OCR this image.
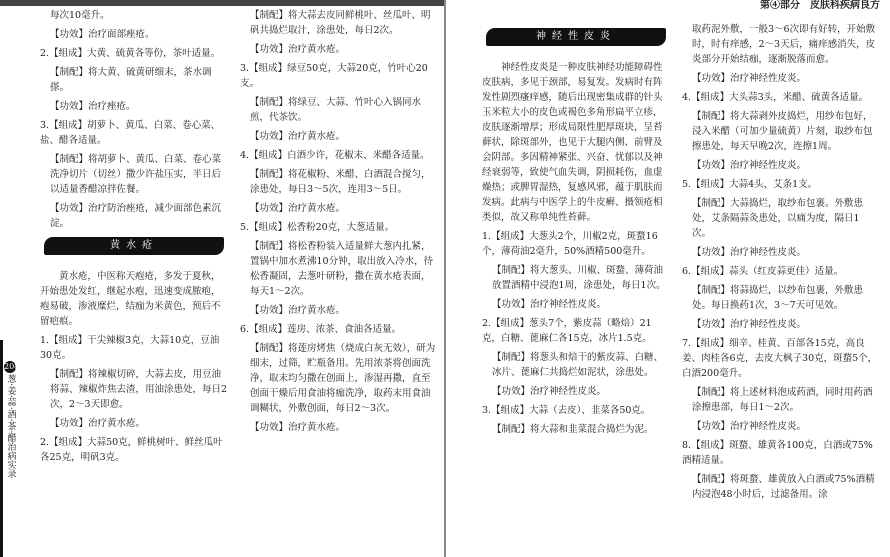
每次10毫升。
【功效】治疗面部痤疮。
2.【组成】大黄、硫黄各等份，茶叶适量。
【制配】将大黄、硫黄研细末，茶水调搽。
【功效】治疗痤疮。
3.【组成】胡萝卜、黄瓜、白菜、卷心菜、盐、醋各适量。
【制配】将胡萝卜、黄瓜、白菜、卷心菜洗净切片（切丝）撒少许盐压实，半日后以适量香醋凉拌佐餐。
【功效】治疗防治痤疮，减少面部色素沉淀。
黄水疮
黄水疮，中医称天疱疮，多发于夏秋，开始患处发红，继起水疱，迅速变成脓疱，疱易破，渗液糜烂，结痂为米黄色，预后不留疤痕。
1.【组成】干尖辣椒3克，大蒜10克，豆油30克。
【制配】将辣椒切碎，大蒜去皮，用豆油将蒜、辣椒炸焦去渣，用油涂患处，每日2次，2～3天即愈。
【功效】治疗黄水疮。
2.【组成】大蒜50克，鲜桃树叶、鲜丝瓜叶各25克，明矾3克。
【制配】将大蒜去皮同鲜桃叶、丝瓜叶、明矾共捣烂取汁，涂患处，每日2次。
【功效】治疗黄水疮。
3.【组成】绿豆50克，大蒜20克，竹叶心20支。
【制配】将绿豆、大蒜、竹叶心入锅同水煎，代茶饮。
【功效】治疗黄水疮。
4.【组成】白酒少许，花椒末、米醋各适量。
【制配】将花椒粉、米醋、白酒混合搅匀，涂患处，每日3～5次，连用3～5日。
【功效】治疗黄水疮。
5.【组成】松香粉20克，大葱适量。
【制配】将松香粉装入适量鲜大葱内扎紧，置锅中加水煮沸10分钟，取出放入冷水，待松香凝固，去葱叶研粉，撒在黄水疮表面，每天1～2次。
【功效】治疗黄水疮。
6.【组成】莲房、浓茶、食油各适量。
【制配】将莲房烤焦（烧成白灰无效），研为细末，过筛，贮瓶备用。先用浓茶将创面洗净，取末均匀撒在创面上，渗湿再撒，直至创面干燥后用食油将痂洗净，取药末用食油调糊状，外敷创面，每日2～3次。
【功效】治疗黄水疮。
208
葱·姜·蒜·酒·茶·醋治病实录
第④部分　皮肤科疾病良方
神经性皮炎
神经性皮炎是一种皮肤神经功能障碍性皮肤病，多见于颈部，易复发。发病时有阵发性剧烈瘙痒感，随后出现密集成群的针头玉米粒大小的皮色或褐色多角形扁平立疹，皮肤逐渐增厚；形成局限性肥厚斑块，呈苔藓状，除斑部外，也见于大腿内侧、前臂及会阴部。多因精神紧张、兴奋、忧郁以及神经衰弱等，致使气血失调，阴损耗伤，血虚燥热；或脾胃湿热，复感风邪，蕴于肌肤而发病。此病与中医学上的牛皮癣、摄领疮相类似，故又称单纯性苔藓。
1.【组成】大葱头2个，川椒2克，斑蝥16个，薄荷油2毫升，50%酒精500毫升。
【制配】将大葱头、川椒、斑蝥、薄荷油放置酒精中浸泡1周，涂患处，每日1次。
【功效】治疗神经性皮炎。
2.【组成】葱头7个，紫皮蒜（略焙）21克，白糖、蓖麻仁各15克，冰片1.5克。
【制配】将葱头和焙干的紫皮蒜、白糖、冰片、蓖麻仁共捣烂如泥状，涂患处。
【功效】治疗神经性皮炎。
3.【组成】大蒜（去皮）、韭菜各50克。
【制配】将大蒜和韭菜混合捣烂为泥。
取药泥外敷，一般3～6次即有好转，开始敷时，时有痒感，2～3天后，痛痒感消失，皮炎部分开始结痂，逐渐脱落而愈。
【功效】治疗神经性皮炎。
4.【组成】大头蒜3头，米醋、硫黄各适量。
【制配】将大蒜剥外皮捣烂，用纱布包好，浸入米醋（可加少量硫黄）片刻，取纱布包擦患处，每天早晚2次，连擦1周。
【功效】治疗神经性皮炎。
5.【组成】大蒜4头，艾条1支。
【制配】大蒜捣烂，取纱布包裹。外敷患处，艾条隔蒜灸患处，以痛为度，隔日1次。
【功效】治疗神经性皮炎。
6.【组成】蒜头（红皮蒜更佳）适量。
【制配】将蒜捣烂，以纱布包裹，外敷患处。每日换药1次，3～7天可见效。
【功效】治疗神经性皮炎。
7.【组成】细辛、桂黄、百部各15克，高良姜、肉桂各6克，去皮大枫子30克，斑蝥5个，白酒200毫升。
【制配】将上述材料泡成药酒，同时用药酒涂擦患部，每日1～2次。
【功效】治疗神经性皮炎。
8.【组成】斑蝥、雄黄各100克，白酒或75%酒精适量。
【制配】将斑蝥、雄黄放入白酒或75%酒精内浸泡48小时后，过滤备用。涂
